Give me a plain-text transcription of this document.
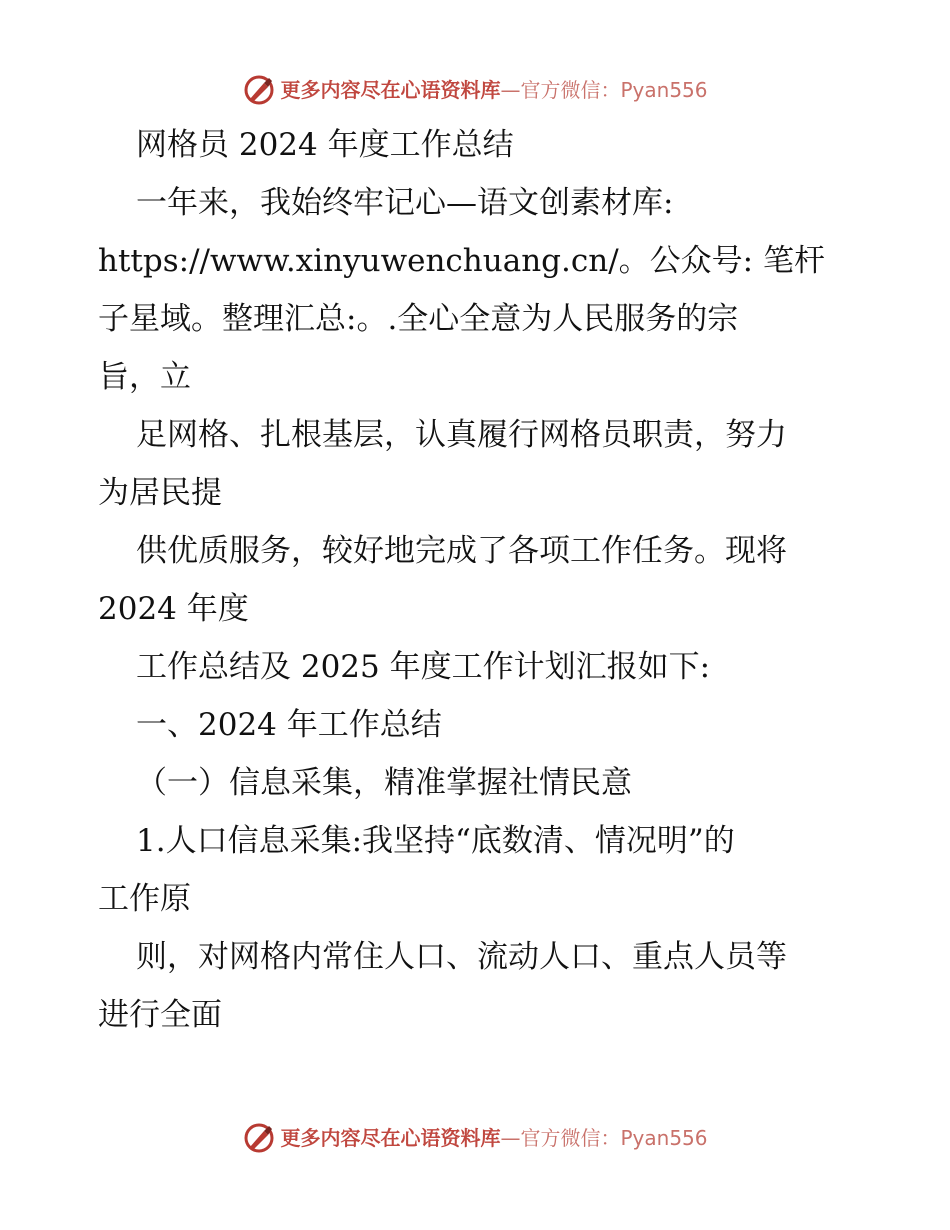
更多内容尽在心语资料库—官方微信：Pyan556

网格员 2024 年度工作总结

一年来，我始终牢记心—语文创素材库:

https://www.xinyuwenchuang.cn/。公众号: 笔杆

子星域。整理汇总:。.全心全意为人民服务的宗

旨，立

足网格、扎根基层，认真履行网格员职责，努力

为居民提

供优质服务，较好地完成了各项工作任务。现将

2024 年度

工作总结及 2025 年度工作计划汇报如下:

一、2024 年工作总结

（一）信息采集，精准掌握社情民意

1.人口信息采集:我坚持“底数清、情况明”的

工作原

则，对网格内常住人口、流动人口、重点人员等

进行全面

更多内容尽在心语资料库—官方微信：Pyan556
